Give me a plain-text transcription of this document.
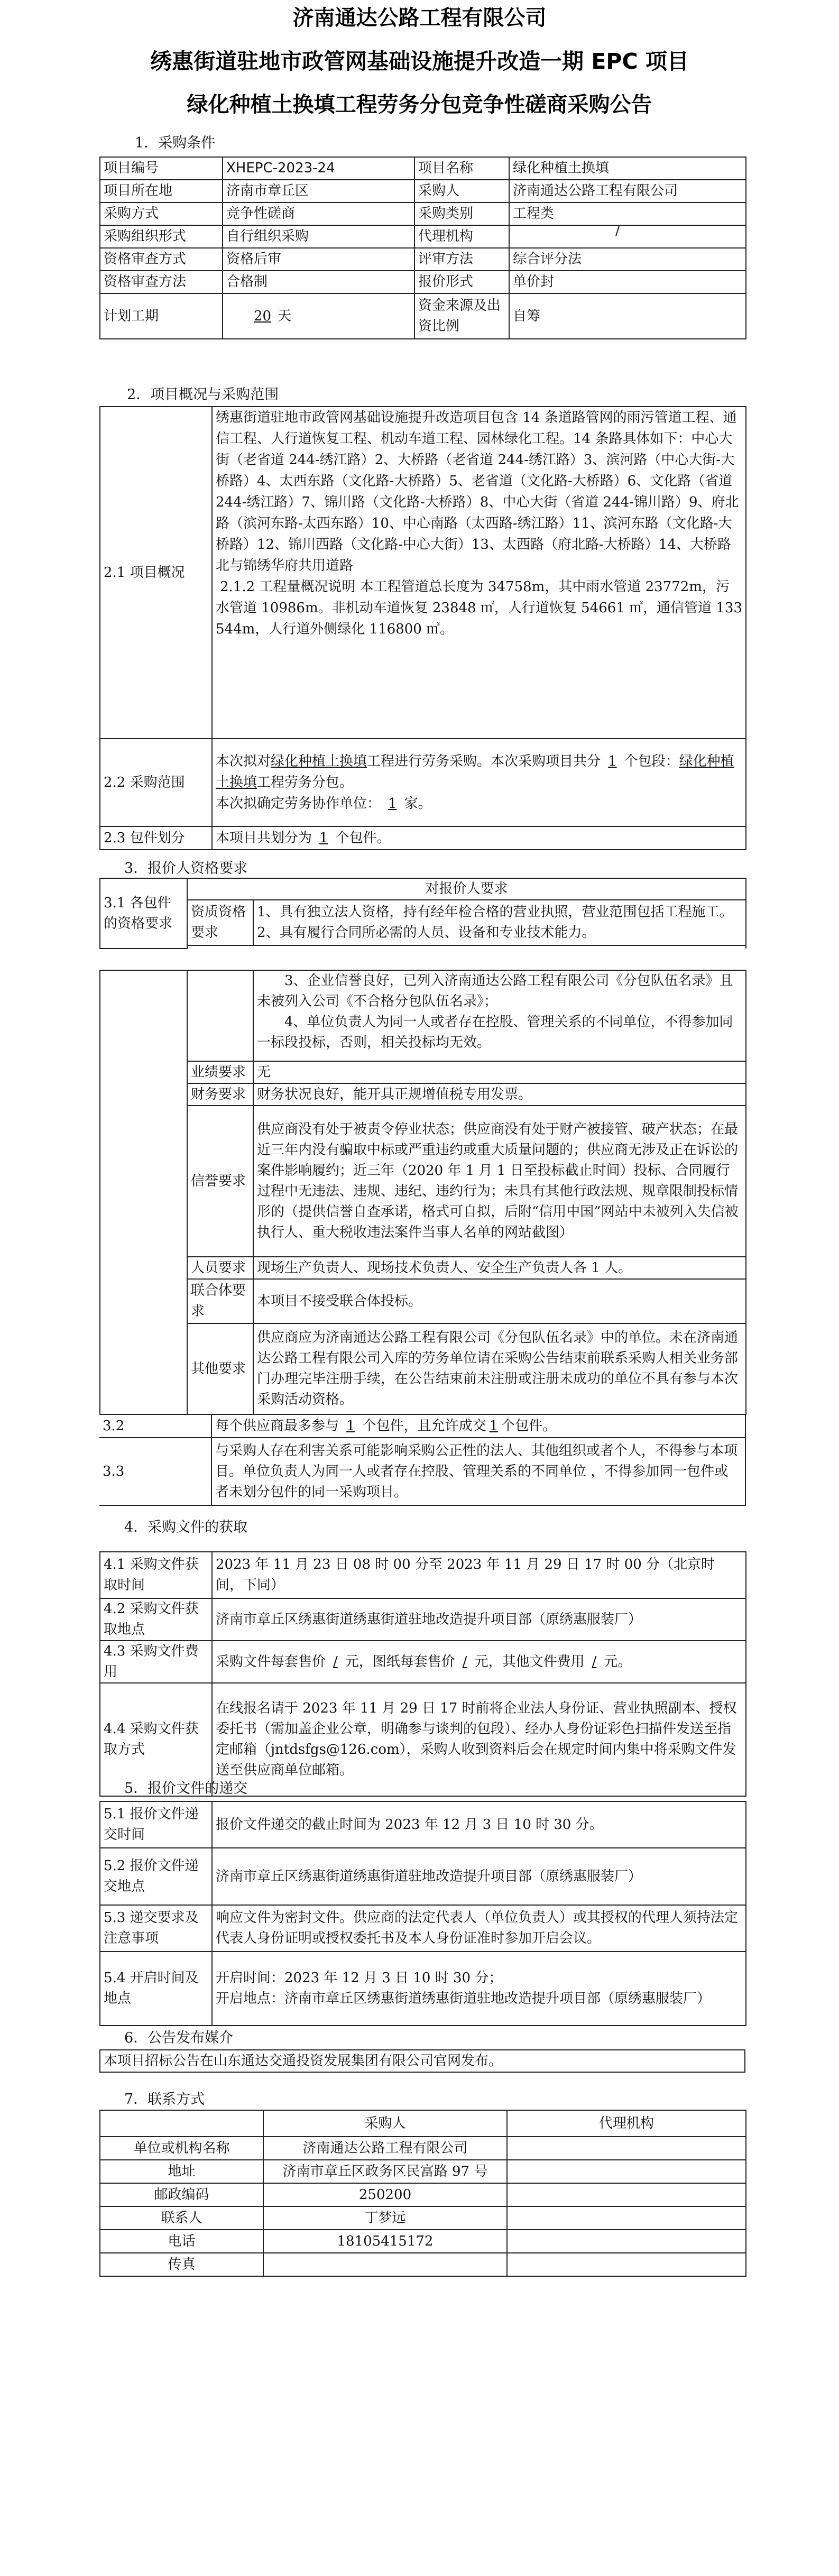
济南通达公路工程有限公司
绣惠街道驻地市政管网基础设施提升改造一期 EPC 项目
绿化种植土换填工程劳务分包竞争性磋商采购公告
1．采购条件
项目编号	XHEPC-2023-24	项目名称	绿化种植土换填
项目所在地	济南市章丘区	采购人	济南通达公路工程有限公司
采购方式	竞争性磋商	采购类别	工程类
采购组织形式	自行组织采购	代理机构	/

资格审查方式	资格后审	评审方法	综合评分法
资格审查方法	合格制	报价形式	单价封
计划工期	20 天	资金来源及出资比例	自筹
2．项目概况与采购范围
2.1 项目概况	绣惠街道驻地市政管网基础设施提升改造项目包含 14 条道路管网的雨污管道工程、通信工程、人行道恢复工程、机动车道工程、园林绿化工程。14 条路具体如下：中心大街（老省道 244-绣江路）2、大桥路（老省道 244-绣江路）3、滨河路（中心大街-大桥路）4、太西东路（文化路-大桥路）5、老省道（文化路-大桥路）6、文化路（省道 244-绣江路）7、锦川路（文化路-大桥路）8、中心大街（省道 244-锦川路）9、府北路（滨河东路-太西东路）10、中心南路（太西路-绣江路）11、滨河东路（文化路-大桥路）12、锦川西路（文化路-中心大街）13、太西路（府北路-大桥路）14、大桥路北与锦绣华府共用道路
2.1.2 工程量概况说明 本工程管道总长度为 34758m，其中雨水管道 23772m，污水管道 10986m。非机动车道恢复 23848 ㎡，人行道恢复 54661 ㎡，通信管道 133544m，人行道外侧绿化 116800 ㎡。

2.2 采购范围	本次拟对绿化种植土换填工程进行劳务采购。本次采购项目共分 1 个包段：绿化种植土换填工程劳务分包。
本次拟确定劳务协作单位： 1 家。
2.3 包件划分	本项目共划分为 1 个包件。
3．报价人资格要求
3.1 各包件的资格要求	对报价人要求	
	资质资格要求	1、具有独立法人资格，持有经年检合格的营业执照，营业范围包括工程施工。
2、具有履行合同所必需的人员、设备和专业技术能力。

		3、企业信誉良好，已列入济南通达公路工程有限公司《分包队伍名录》且未被列入公司《不合格分包队伍名录》；
4、单位负责人为同一人或者存在控股、管理关系的不同单位，不得参加同一标段投标，否则，相关投标均无效。

	业绩要求	无
	财务要求	财务状况良好，能开具正规增值税专用发票。
	信誉要求	供应商没有处于被责令停业状态；供应商没有处于财产被接管、破产状态；在最近三年内没有骗取中标或严重违约或重大质量问题的；供应商无涉及正在诉讼的案件影响履约；近三年（2020 年 1 月 1 日至投标截止时间）投标、合同履行过程中无违法、违规、违纪、违约行为；未具有其他行政法规、规章限制投标情形的（提供信誉自查承诺，格式可自拟，后附“信用中国”网站中未被列入失信被执行人、重大税收违法案件当事人名单的网站截图）
	人员要求	现场生产负责人、现场技术负责人、安全生产负责人各 1 人。
	联合体要求	本项目不接受联合体投标。
	其他要求	供应商应为济南通达公路工程有限公司《分包队伍名录》中的单位。未在济南通达公路工程有限公司入库的劳务单位请在采购公告结束前联系采购人相关业务部门办理完毕注册手续，在公告结束前未注册或注册未成功的单位不具有参与本次采购活动资格。
3.2	每个供应商最多参与 1 个包件，且允许成交 1 个包件。
3.3	与采购人存在利害关系可能影响采购公正性的法人、其他组织或者个人，不得参与本项目。单位负责人为同一人或者存在控股、管理关系的不同单位 ，不得参加同一包件或者未划分包件的同一采购项目。
4．采购文件的获取
4.1 采购文件获取时间	2023 年 11 月 23 日 08 时 00 分至 2023 年 11 月 29 日 17 时 00 分（北京时间，下同）
4.2 采购文件获取地点	济南市章丘区绣惠街道绣惠街道驻地改造提升项目部（原绣惠服装厂）
4.3 采购文件费用	采购文件每套售价 / 元，图纸每套售价 / 元，其他文件费用 / 元。
4.4 采购文件获取方式	在线报名请于 2023 年 11 月 29 日 17 时前将企业法人身份证、营业执照副本、授权委托书（需加盖企业公章，明确参与谈判的包段）、经办人身份证彩色扫描件发送至指定邮箱（jntdsfgs@126.com），采购人收到资料后会在规定时间内集中将采购文件发送至供应商单位邮箱。
5．报价文件的递交
5.1 报价文件递交时间	报价文件递交的截止时间为 2023 年 12 月 3 日 10 时 30 分。
5.2 报价文件递交地点	济南市章丘区绣惠街道绣惠街道驻地改造提升项目部（原绣惠服装厂）
5.3 递交要求及注意事项	响应文件为密封文件。供应商的法定代表人（单位负责人）或其授权的代理人须持法定代表人身份证明或授权委托书及本人身份证准时参加开启会议。
5.4 开启时间及地点	开启时间：2023 年 12 月 3 日 10 时 30 分；
开启地点：济南市章丘区绣惠街道绣惠街道驻地改造提升项目部（原绣惠服装厂）
6．公告发布媒介
本项目招标公告在山东通达交通投资发展集团有限公司官网发布。
7．联系方式
	采购人	代理机构
单位或机构名称	济南通达公路工程有限公司	
地址	济南市章丘区政务区民富路 97 号	
邮政编码	250200	
联系人	丁梦远	
电话	18105415172	
传真		
